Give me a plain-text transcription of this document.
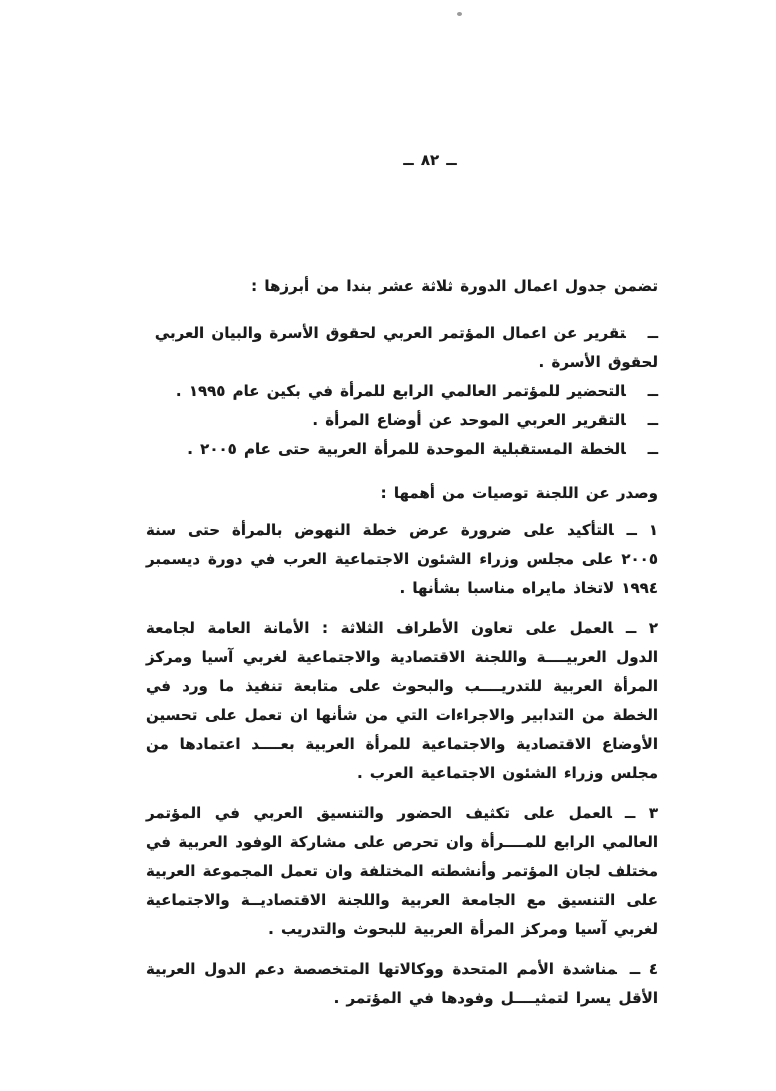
ــ ٨٢ ــ

تضمن جدول اعمال الدورة ثلاثة عشر بندا من أبرزها :

ــتقرير عن اعمال المؤتمر العربي لحقوق الأسرة والبيان العربي لحقوق الأسرة .
ــالتحضير للمؤتمر العالمي الرابع للمرأة في بكين عام ١٩٩٥ .
ــالتقرير العربي الموحد عن أوضاع المرأة .
ــالخطة المستقبلية الموحدة للمرأة العربية حتى عام ٢٠٠٥ .

وصدر عن اللجنة توصيات من أهمها :

١ ــالتأكيد على ضرورة عرض خطة النهوض بالمرأة حتى سنة ٢٠٠٥ على مجلس وزراء الشئون الاجتماعية العرب في دورة ديسمبر ١٩٩٤ لاتخاذ مايراه مناسبا بشأنها .

٢ ــالعمل على تعاون الأطراف الثلاثة : الأمانة العامة لجامعة الدول العربيــــة واللجنة الاقتصادية والاجتماعية لغربي آسيا ومركز المرأة العربية للتدريــــب والبحوث على متابعة تنفيذ ما ورد في الخطة من التدابير والاجراءات التي من شأنها ان تعمل على تحسين الأوضاع الاقتصادية والاجتماعية للمرأة العربية بعــــد اعتمادها من مجلس وزراء الشئون الاجتماعية العرب .

٣ ــالعمل على تكثيف الحضور والتنسيق العربي في المؤتمر العالمي الرابع للمــــرأة وان تحرص على مشاركة الوفود العربية في مختلف لجان المؤتمر وأنشطته المختلفة وان تعمل المجموعة العربية على التنسيق مع الجامعة العربية واللجنة الاقتصاديــة والاجتماعية لغربي آسيا ومركز المرأة العربية للبحوث والتدريب .

٤ ــمناشدة الأمم المتحدة ووكالاتها المتخصصة دعم الدول العربية الأقل يسرا لتمثيــــل وفودها في المؤتمر .
